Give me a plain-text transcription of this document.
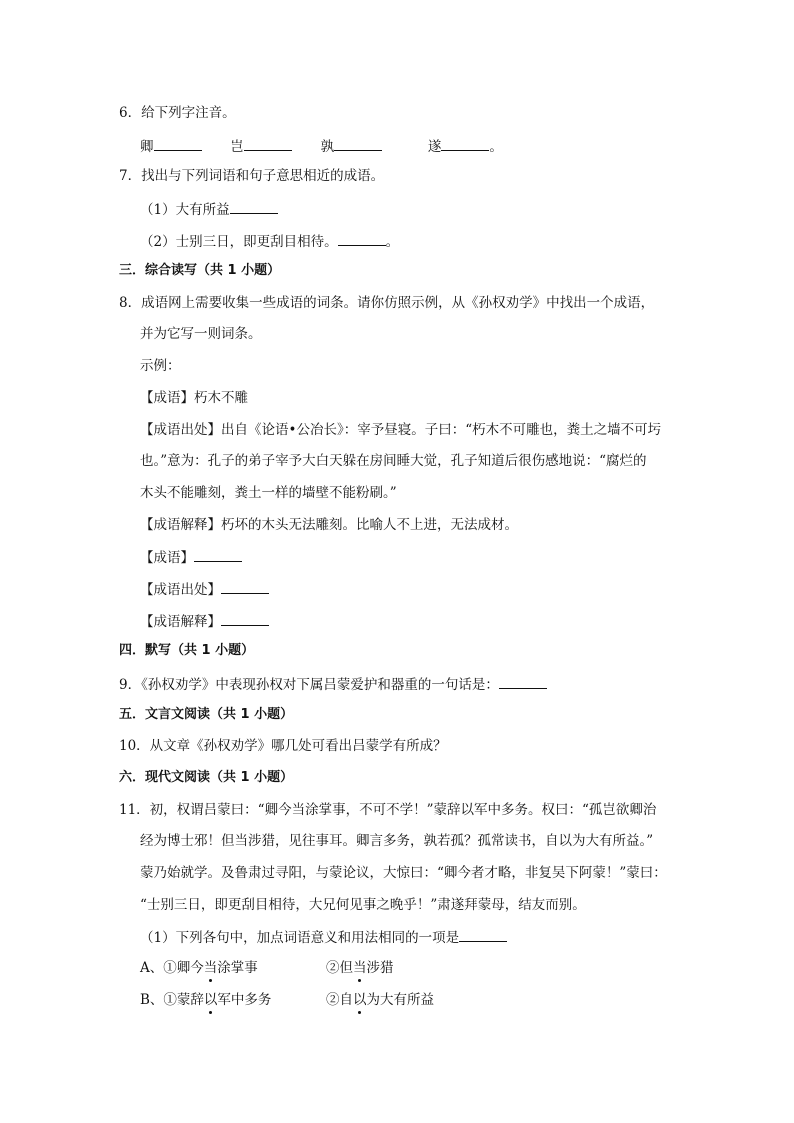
6．给下列字注音。
卿	岂	孰	遂	。
7．找出与下列词语和句子意思相近的成语。
（1）大有所益
（2）士别三日，即更刮目相待。	。
三．综合读写（共 1 小题）
8．成语网上需要收集一些成语的词条。请你仿照示例，从《孙权劝学》中找出一个成语，
并为它写一则词条。
示例：
【成语】朽木不雕
【成语出处】出自《论语•公冶长》：宰予昼寝。子曰：“朽木不可雕也，粪土之墙不可圬
也。”意为：孔子的弟子宰予大白天躲在房间睡大觉，孔子知道后很伤感地说：“腐烂的
木头不能雕刻，粪土一样的墙壁不能粉刷。”
【成语解释】朽坏的木头无法雕刻。比喻人不上进，无法成材。
【成语】
【成语出处】
【成语解释】
四．默写（共 1 小题）
9．《孙权劝学》中表现孙权对下属吕蒙爱护和器重的一句话是：
五．文言文阅读（共 1 小题）
10．从文章《孙权劝学》哪几处可看出吕蒙学有所成？
六．现代文阅读（共 1 小题）
11．初，权谓吕蒙曰：“卿今当涂掌事，不可不学！”蒙辞以军中多务。权曰：“孤岂欲卿治
经为博士邪！但当涉猎，见往事耳。卿言多务，孰若孤？孤常读书，自以为大有所益。”
蒙乃始就学。及鲁肃过寻阳，与蒙论议，大惊曰：“卿今者才略，非复吴下阿蒙！”蒙曰：
“士别三日，即更刮目相待，大兄何见事之晚乎！”肃遂拜蒙母，结友而别。
（1）下列各句中，加点词语意义和用法相同的一项是
A、①卿今当涂掌事	②但当涉猎
B、①蒙辞以军中多务	②自以为大有所益
